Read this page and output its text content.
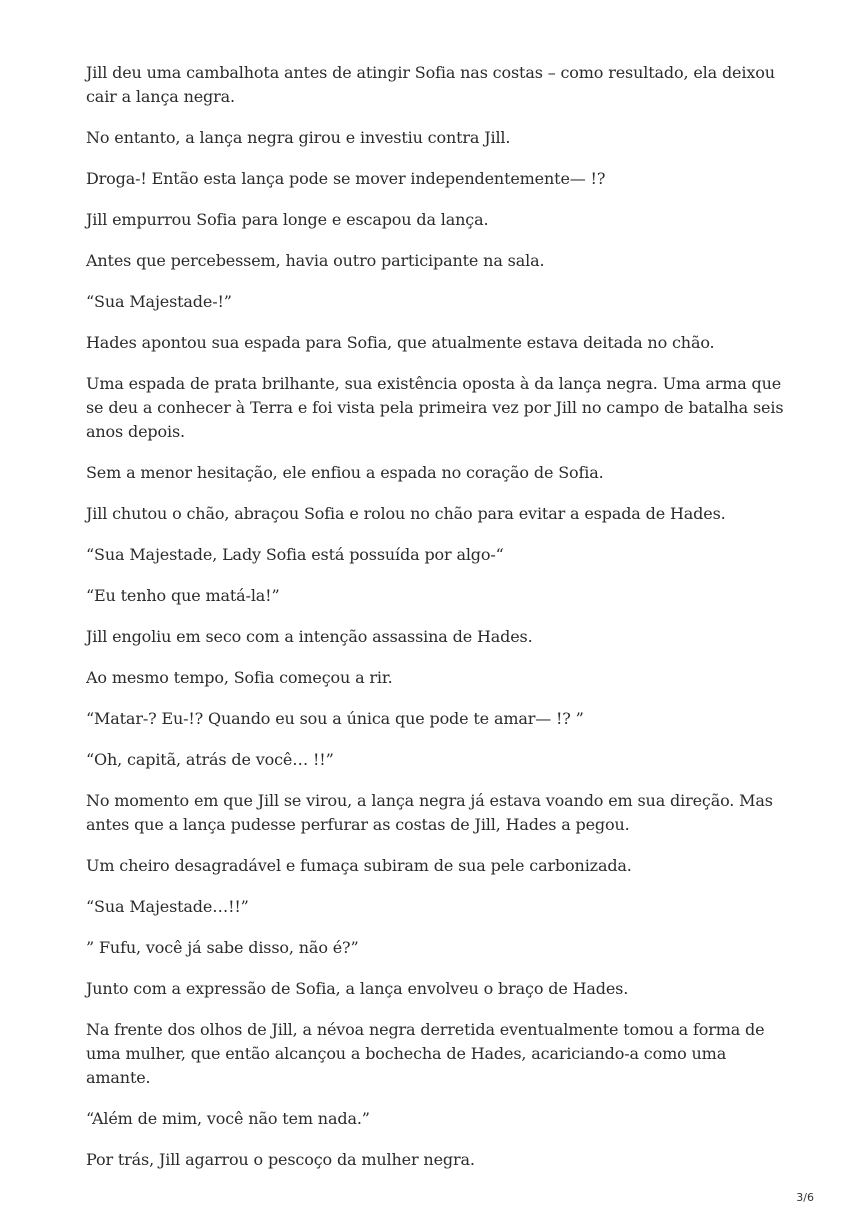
Jill deu uma cambalhota antes de atingir Sofia nas costas – como resultado, ela deixou cair a lança negra.

No entanto, a lança negra girou e investiu contra Jill.

Droga-! Então esta lança pode se mover independentemente— !?

Jill empurrou Sofia para longe e escapou da lança.

Antes que percebessem, havia outro participante na sala.

“Sua Majestade-!”

Hades apontou sua espada para Sofia, que atualmente estava deitada no chão.

Uma espada de prata brilhante, sua existência oposta à da lança negra. Uma arma que se deu a conhecer à Terra e foi vista pela primeira vez por Jill no campo de batalha seis anos depois.

Sem a menor hesitação, ele enfiou a espada no coração de Sofia.

Jill chutou o chão, abraçou Sofia e rolou no chão para evitar a espada de Hades.

“Sua Majestade, Lady Sofia está possuída por algo-“

“Eu tenho que matá-la!”

Jill engoliu em seco com a intenção assassina de Hades.

Ao mesmo tempo, Sofia começou a rir.

“Matar-? Eu-!? Quando eu sou a única que pode te amar— !? ”

“Oh, capitã, atrás de você… !!”

No momento em que Jill se virou, a lança negra já estava voando em sua direção. Mas antes que a lança pudesse perfurar as costas de Jill, Hades a pegou.

Um cheiro desagradável e fumaça subiram de sua pele carbonizada.

“Sua Majestade…!!”

” Fufu, você já sabe disso, não é?”

Junto com a expressão de Sofia, a lança envolveu o braço de Hades.

Na frente dos olhos de Jill, a névoa negra derretida eventualmente tomou a forma de uma mulher, que então alcançou a bochecha de Hades, acariciando-a como uma amante.

“Além de mim, você não tem nada.”

Por trás, Jill agarrou o pescoço da mulher negra.

3/6
